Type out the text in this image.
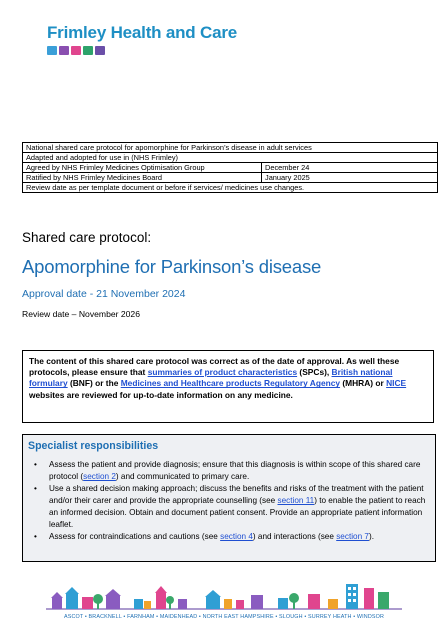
Frimley Health and Care
National shared care protocol for apomorphine for Parkinson’s disease in adult services	
Adapted and adopted for use in (NHS Frimley)	
Agreed by NHS Frimley Medicines Optimisation Group	December 24
Ratified by NHS Frimley Medicines Board	January 2025
Review date as per template document or before if services/ medicines use changes.	
Shared care protocol:
Apomorphine for Parkinson’s disease
Approval date - 21 November 2024
Review date – November 2026
The content of this shared care protocol was correct as of the date of approval. As well these protocols, please ensure that summaries of product characteristics (SPCs), British national formulary (BNF) or the Medicines and Healthcare products Regulatory Agency (MHRA) or NICE websites are reviewed for up-to-date information on any medicine.
Specialist responsibilities
• Assess the patient and provide diagnosis; ensure that this diagnosis is within scope of this shared care protocol (section 2) and communicated to primary care.
• Use a shared decision making approach; discuss the benefits and risks of the treatment with the patient and/or their carer and provide the appropriate counselling (see section 11) to enable the patient to reach an informed decision. Obtain and document patient consent. Provide an appropriate patient information leaflet.
• Assess for contraindications and cautions (see section 4) and interactions (see section 7).
ASCOT • BRACKNELL • FARNHAM • MAIDENHEAD • NORTH EAST HAMPSHIRE • SLOUGH • SURREY HEATH • WINDSOR
